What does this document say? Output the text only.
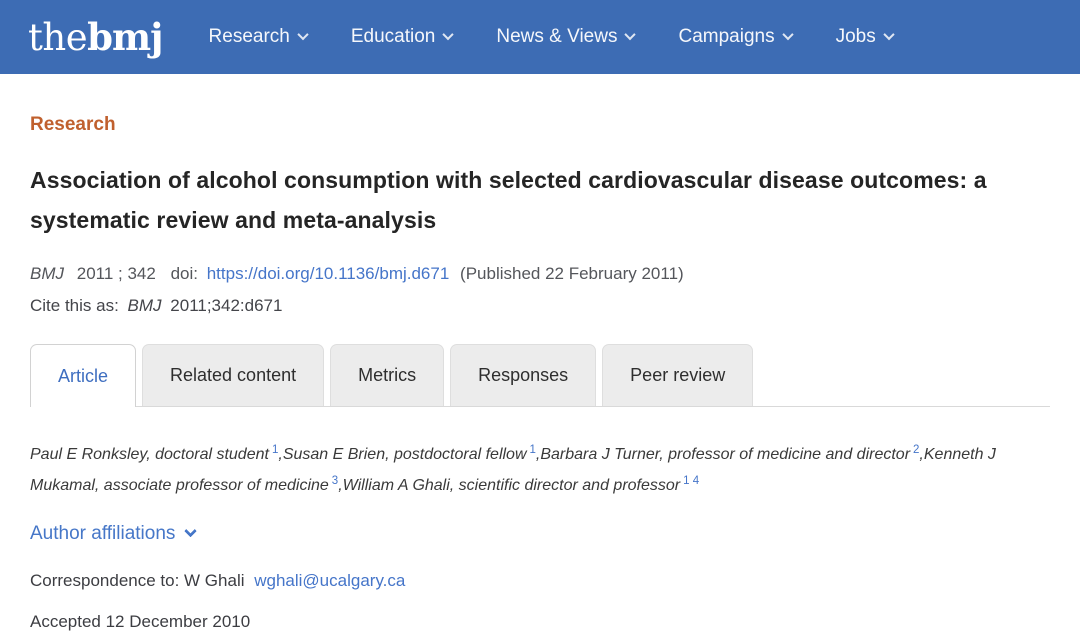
thebmj Research	Education	News & Views	Campaigns	Jobs
Research
Association of alcohol consumption with selected cardiovascular disease outcomes: a systematic review and meta-analysis
BMJ 2011 ; 342 doi: https://doi.org/10.1136/bmj.d671 (Published 22 February 2011)
Cite this as: BMJ 2011;342:d671
Article	Related content	Metrics	Responses	Peer review
Paul E Ronksley, doctoral student $^1$,Susan E Brien, postdoctoral fellow $^1$,Barbara J Turner, professor of medicine and director $^2$,Kenneth J Mukamal, associate professor of medicine $^3$,William A Ghali, scientific director and professor $^{1 4}$
Author affiliations
Correspondence to: W Ghali wghali@ucalgary.ca
Accepted 12 December 2010
